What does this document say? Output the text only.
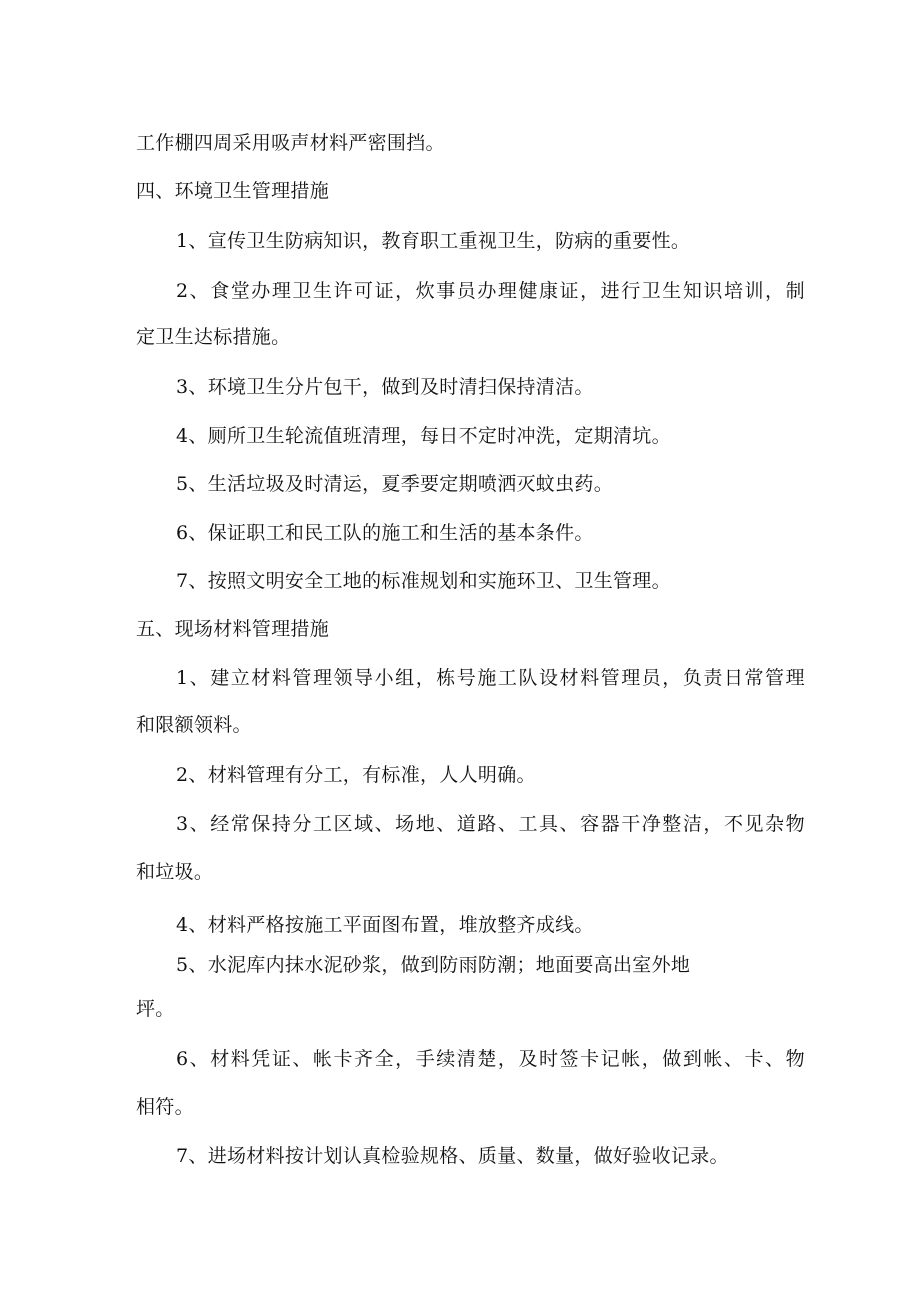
工作棚四周采用吸声材料严密围挡。
四、环境卫生管理措施
1、宣传卫生防病知识，教育职工重视卫生，防病的重要性。
2、食堂办理卫生许可证，炊事员办理健康证，进行卫生知识培训，制
定卫生达标措施。
3、环境卫生分片包干，做到及时清扫保持清洁。
4、厕所卫生轮流值班清理，每日不定时冲洗，定期清坑。
5、生活垃圾及时清运，夏季要定期喷洒灭蚊虫药。
6、保证职工和民工队的施工和生活的基本条件。
7、按照文明安全工地的标准规划和实施环卫、卫生管理。
五、现场材料管理措施
1、建立材料管理领导小组，栋号施工队设材料管理员，负责日常管理
和限额领料。
2、材料管理有分工，有标准，人人明确。
3、经常保持分工区域、场地、道路、工具、容器干净整洁，不见杂物
和垃圾。
4、材料严格按施工平面图布置，堆放整齐成线。
5、水泥库内抹水泥砂浆，做到防雨防潮；地面要高出室外地
坪。
6、材料凭证、帐卡齐全，手续清楚，及时签卡记帐，做到帐、卡、物
相符。
7、进场材料按计划认真检验规格、质量、数量，做好验收记录。
